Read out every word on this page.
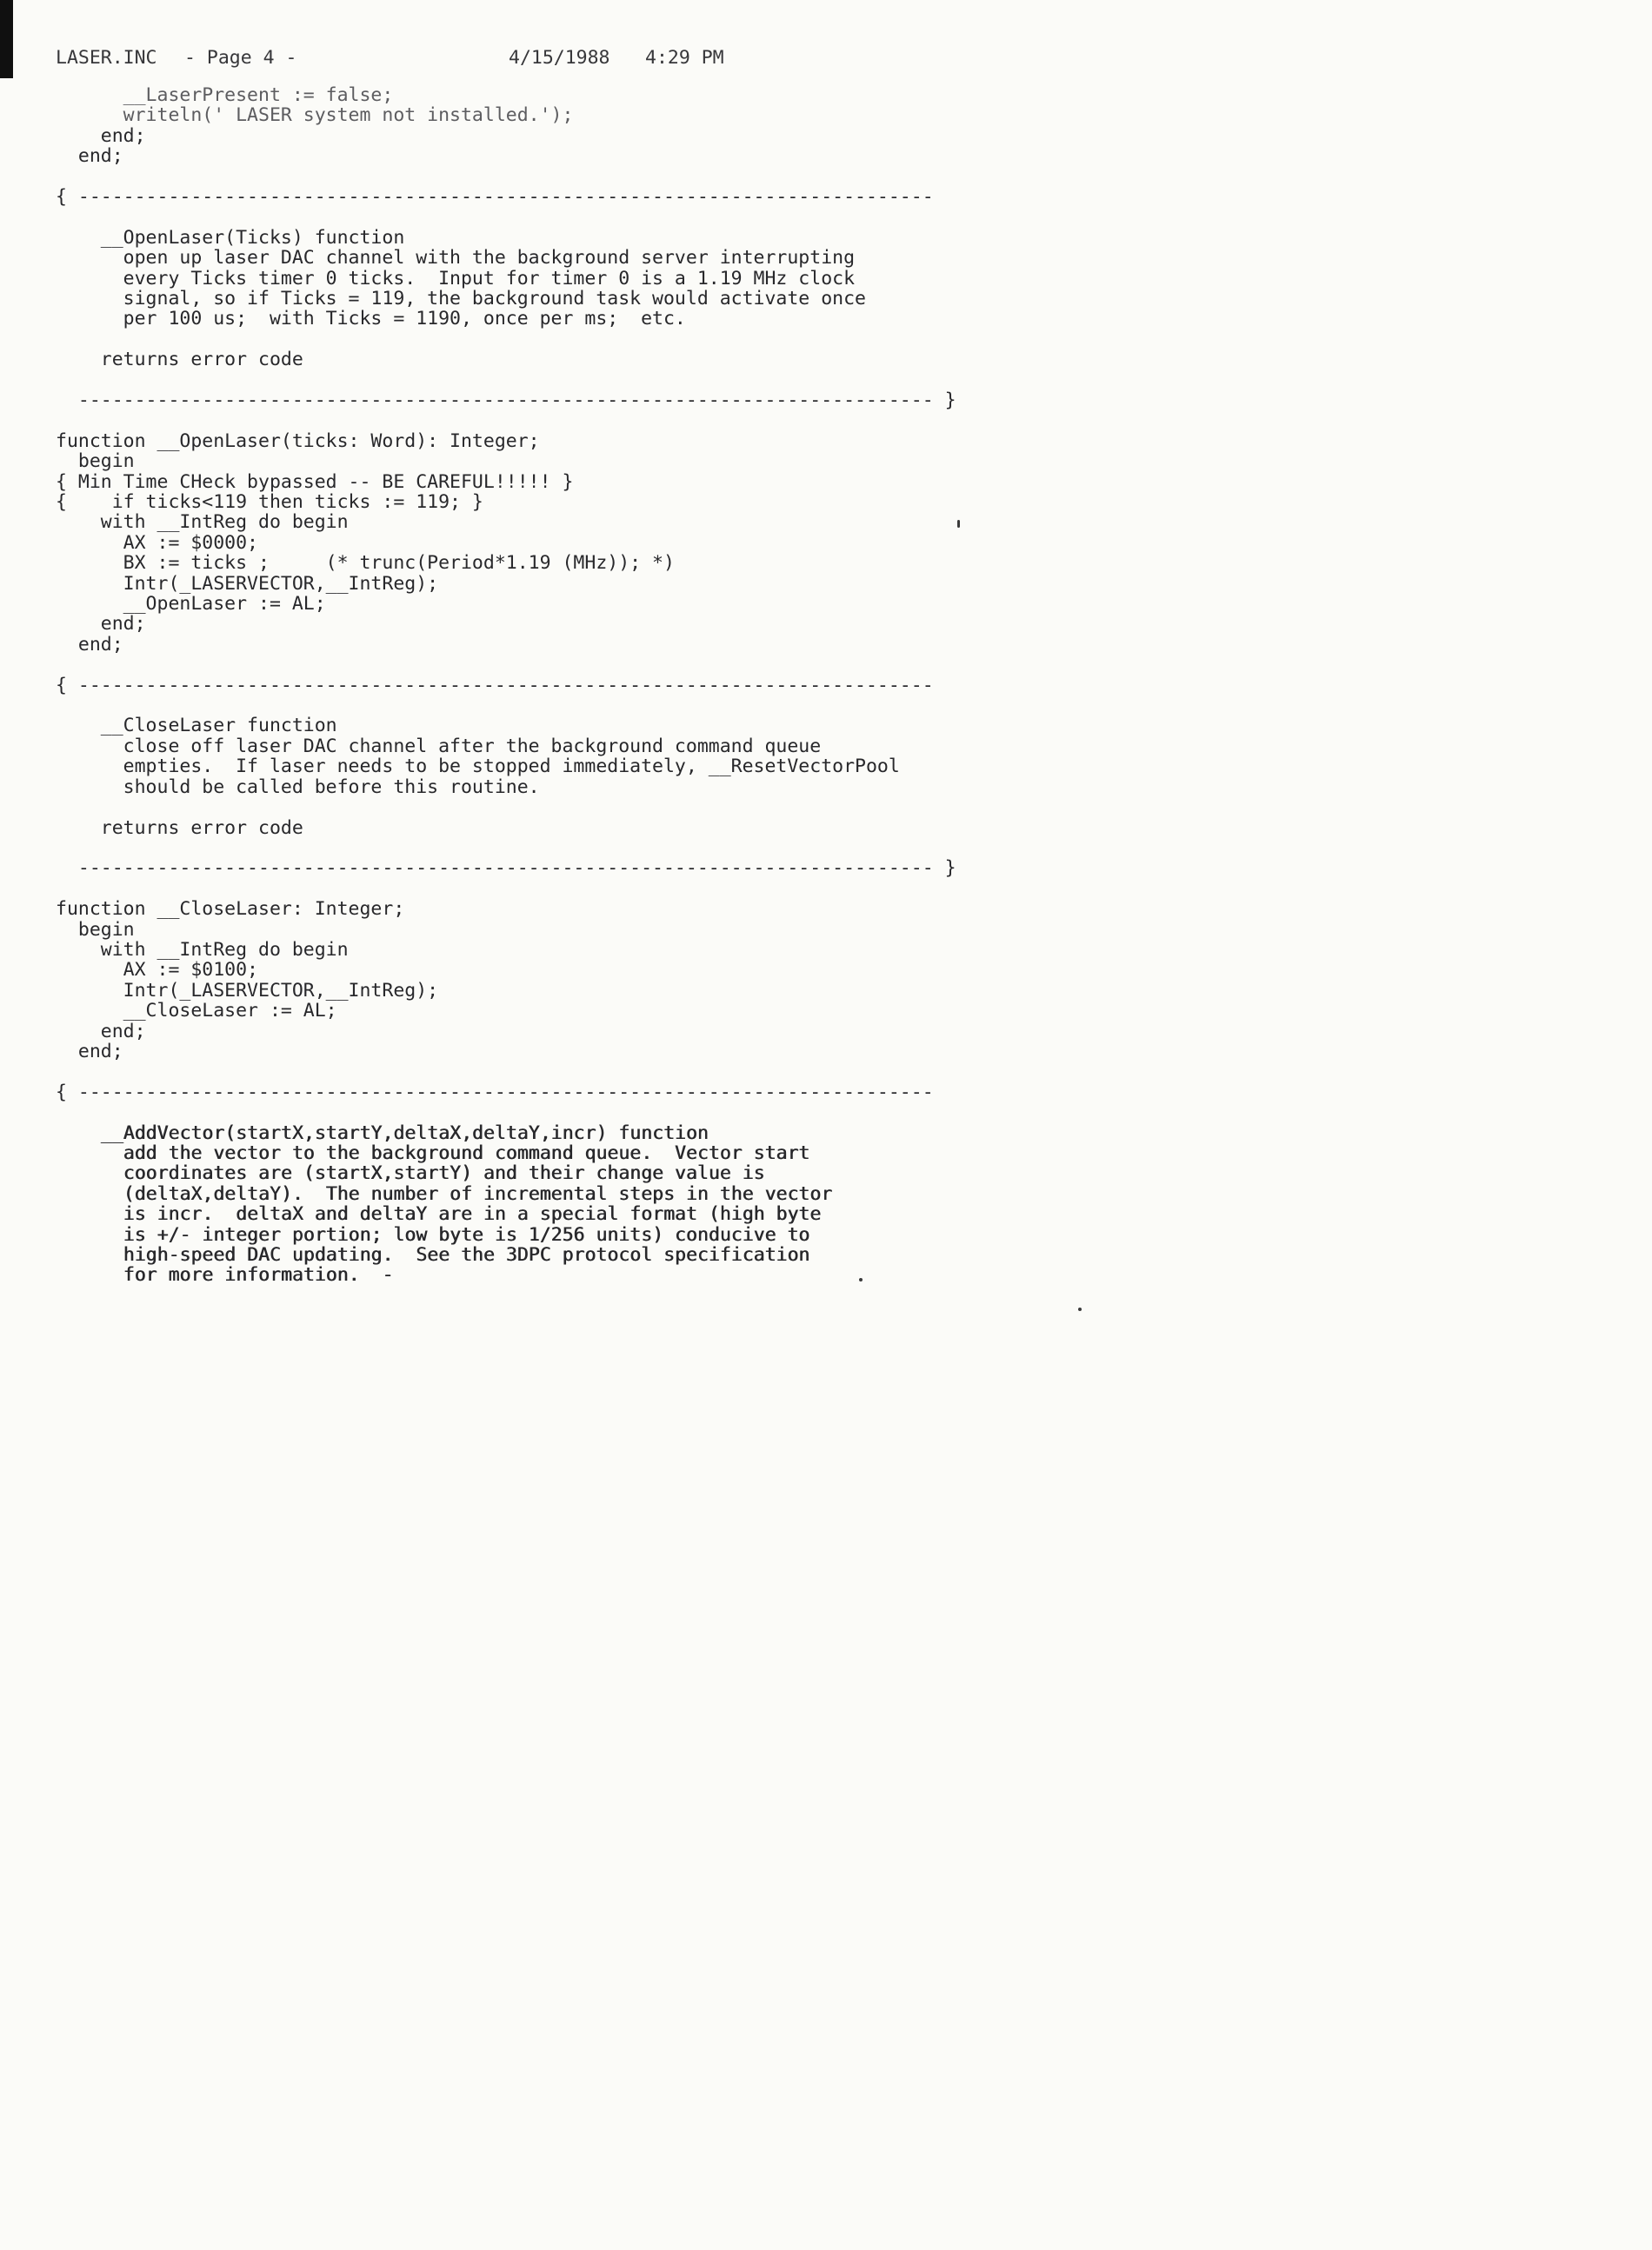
LASER.INC - Page 4 -	4/15/1988 4:29 PM
__LaserPresent := false;
writeln(' LASER system not installed.');
end;
end;
{ ----------------------------------------------------------------------------
__OpenLaser(Ticks) function
open up laser DAC channel with the background server interrupting
every Ticks timer 0 ticks.  Input for timer 0 is a 1.19 MHz clock
signal, so if Ticks = 119, the background task would activate once
per 100 us;  with Ticks = 1190, once per ms;  etc.
returns error code
---------------------------------------------------------------------------- }
function __OpenLaser(ticks: Word): Integer;
begin
{ Min Time CHeck bypassed -- BE CAREFUL!!!!! }
{    if ticks<119 then ticks := 119; }
with __IntReg do begin
AX := $0000;
BX := ticks ;     (* trunc(Period*1.19 (MHz)); *)
Intr(_LASERVECTOR,__IntReg);
__OpenLaser := AL;
end;
end;
{ ----------------------------------------------------------------------------
__CloseLaser function
close off laser DAC channel after the background command queue
empties.  If laser needs to be stopped immediately, __ResetVectorPool
should be called before this routine.
returns error code
---------------------------------------------------------------------------- }
function __CloseLaser: Integer;
begin
with __IntReg do begin
AX := $0100;
Intr(_LASERVECTOR,__IntReg);
__CloseLaser := AL;
end;
end;
{ ----------------------------------------------------------------------------
__AddVector(startX,startY,deltaX,deltaY,incr) function
add the vector to the background command queue.  Vector start
coordinates are (startX,startY) and their change value is
(deltaX,deltaY).  The number of incremental steps in the vector
is incr.  deltaX and deltaY are in a special format (high byte
is +/- integer portion; low byte is 1/256 units) conducive to
high-speed DAC updating.  See the 3DPC protocol specification
for more information.  -
